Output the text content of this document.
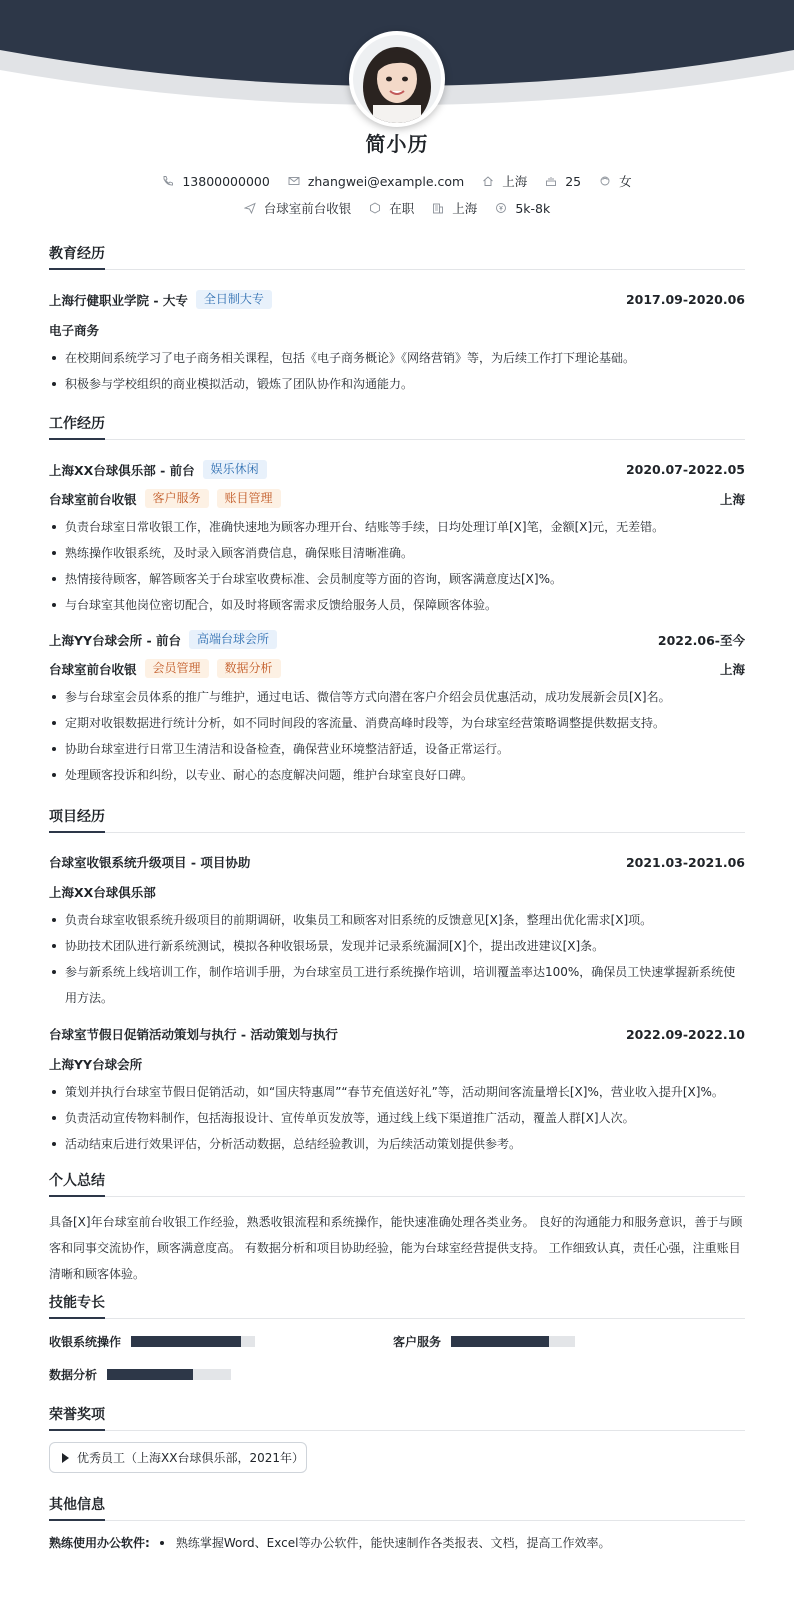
简小历
13800000000	zhangwei@example.com	上海	25	女
台球室前台收银	在职	上海	5k-8k
教育经历
上海行健职业学院 - 大专	全日制大专	2017.09-2020.06
电子商务
在校期间系统学习了电子商务相关课程，包括《电子商务概论》《网络营销》等，为后续工作打下理论基础。
积极参与学校组织的商业模拟活动，锻炼了团队协作和沟通能力。
工作经历
上海XX台球俱乐部 - 前台	娱乐休闲	2020.07-2022.05
台球室前台收银	客户服务	账目管理	上海
负责台球室日常收银工作，准确快速地为顾客办理开台、结账等手续，日均处理订单[X]笔，金额[X]元，无差错。
熟练操作收银系统，及时录入顾客消费信息，确保账目清晰准确。
热情接待顾客，解答顾客关于台球室收费标准、会员制度等方面的咨询，顾客满意度达[X]%。
与台球室其他岗位密切配合，如及时将顾客需求反馈给服务人员，保障顾客体验。
上海YY台球会所 - 前台	高端台球会所	2022.06-至今
台球室前台收银	会员管理	数据分析	上海
参与台球室会员体系的推广与维护，通过电话、微信等方式向潜在客户介绍会员优惠活动，成功发展新会员[X]名。
定期对收银数据进行统计分析，如不同时间段的客流量、消费高峰时段等，为台球室经营策略调整提供数据支持。
协助台球室进行日常卫生清洁和设备检查，确保营业环境整洁舒适，设备正常运行。
处理顾客投诉和纠纷，以专业、耐心的态度解决问题，维护台球室良好口碑。
项目经历
台球室收银系统升级项目 - 项目协助	2021.03-2021.06
上海XX台球俱乐部
负责台球室收银系统升级项目的前期调研，收集员工和顾客对旧系统的反馈意见[X]条，整理出优化需求[X]项。
协助技术团队进行新系统测试，模拟各种收银场景，发现并记录系统漏洞[X]个，提出改进建议[X]条。
参与新系统上线培训工作，制作培训手册，为台球室员工进行系统操作培训，培训覆盖率达100%，确保员工快速掌握新系统使用方法。
台球室节假日促销活动策划与执行 - 活动策划与执行	2022.09-2022.10
上海YY台球会所
策划并执行台球室节假日促销活动，如“国庆特惠周”“春节充值送好礼”等，活动期间客流量增长[X]%，营业收入提升[X]%。
负责活动宣传物料制作，包括海报设计、宣传单页发放等，通过线上线下渠道推广活动，覆盖人群[X]人次。
活动结束后进行效果评估，分析活动数据，总结经验教训，为后续活动策划提供参考。
个人总结
具备[X]年台球室前台收银工作经验，熟悉收银流程和系统操作，能快速准确处理各类业务。 良好的沟通能力和服务意识，善于与顾客和同事交流协作，顾客满意度高。 有数据分析和项目协助经验，能为台球室经营提供支持。 工作细致认真，责任心强，注重账目清晰和顾客体验。
技能专长
收银系统操作	客户服务
数据分析
荣誉奖项
优秀员工（上海XX台球俱乐部，2021年）
其他信息
熟练使用办公软件: 熟练掌握Word、Excel等办公软件，能快速制作各类报表、文档，提高工作效率。
